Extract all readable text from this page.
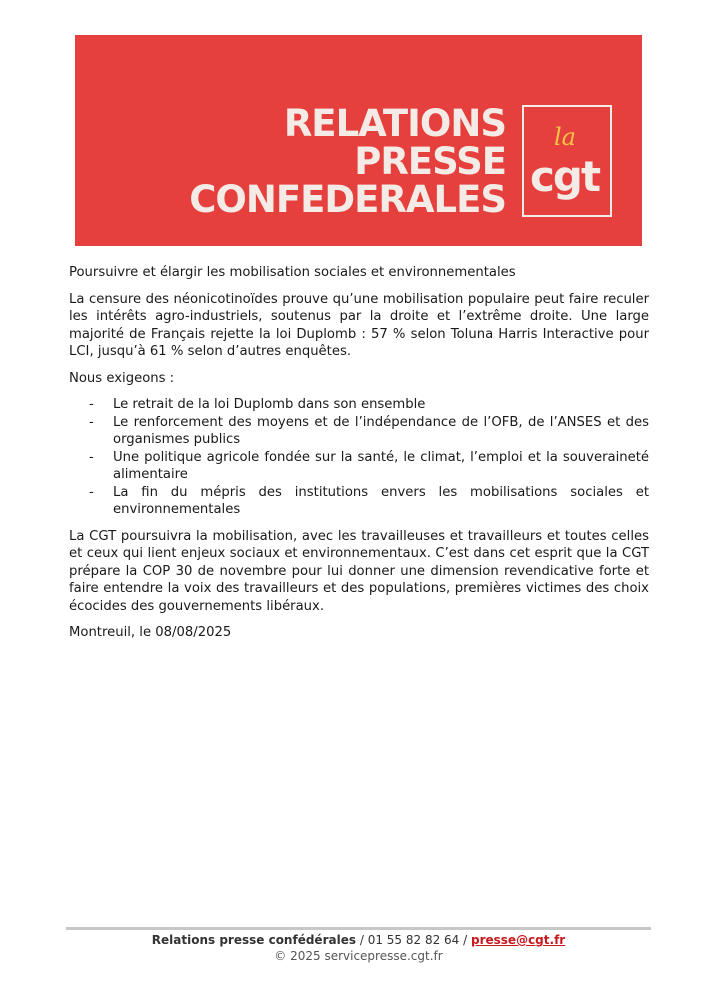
RELATIONS
PRESSE
CONFEDERALES
la
cgt
Poursuivre et élargir les mobilisation sociales et environnementales

La censure des néonicotinoïdes prouve qu’une mobilisation populaire peut faire reculer les intérêts agro-industriels, soutenus par la droite et l’extrême droite. Une large majorité de Français rejette la loi Duplomb : 57 % selon Toluna Harris Interactive pour LCI, jusqu’à 61 % selon d’autres enquêtes.

Nous exigeons :

- Le retrait de la loi Duplomb dans son ensemble
- Le renforcement des moyens et de l’indépendance de l’OFB, de l’ANSES et des organismes publics
- Une politique agricole fondée sur la santé, le climat, l’emploi et la souveraineté alimentaire
- La fin du mépris des institutions envers les mobilisations sociales et environnementales

La CGT poursuivra la mobilisation, avec les travailleuses et travailleurs et toutes celles et ceux qui lient enjeux sociaux et environnementaux. C’est dans cet esprit que la CGT prépare la COP 30 de novembre pour lui donner une dimension revendicative forte et faire entendre la voix des travailleurs et des populations, premières victimes des choix écocides des gouvernements libéraux.

Montreuil, le 08/08/2025
Relations presse confédérales / 01 55 82 82 64 / presse@cgt.fr
© 2025 servicepresse.cgt.fr
